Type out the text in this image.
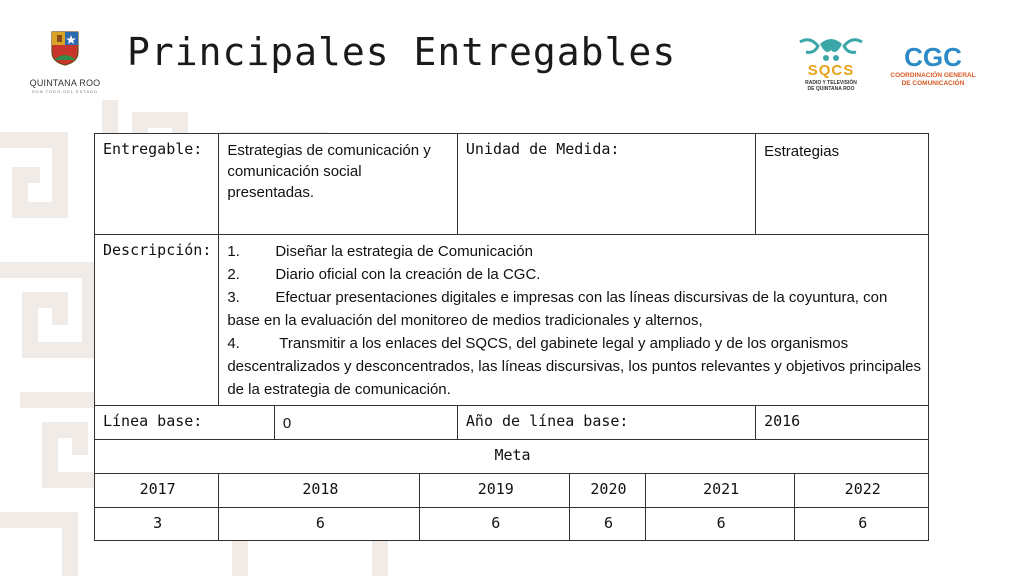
QUINTANA ROO
SON TODO DEL ESTADO
Principales Entregables	SQCS
RADIO Y TELEVISIÓN
DE QUINTANA ROO
CGC
COORDINACIÓN GENERAL
DE COMUNICACIÓN
Entregable:	Estrategias de comunicación y comunicación social presentadas.			Unidad de Medida:			Estrategias	
Descripción:	1. Diseñar la estrategia de Comunicación
2. Diario oficial con la creación de la CGC.
3. Efectuar presentaciones digitales e impresas con las líneas discursivas de la coyuntura, con base en la evaluación del monitoreo de medios tradicionales y alternos,
4. Transmitir a los enlaces del SQCS, del gabinete legal y ampliado y de los organismos descentralizados y desconcentrados, las líneas discursivas, los puntos relevantes y objetivos principales de la estrategia de comunicación.							

Línea base:		0		Año de línea base:			2016	
Meta								
2017	2018		2019		2020	2021		2022
3	6		6		6	6		6
